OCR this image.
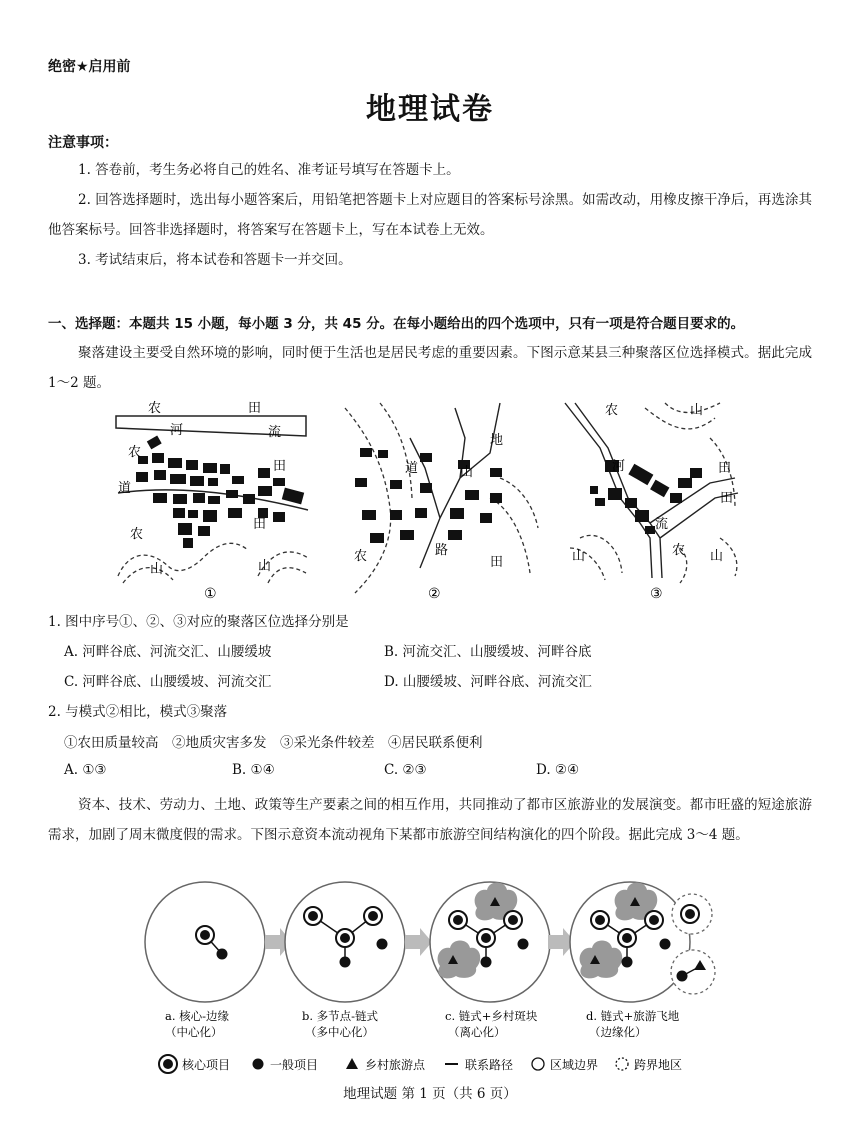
绝密★启用前
地理试卷
注意事项：
1. 答卷前，考生务必将自己的姓名、准考证号填写在答题卡上。
2. 回答选择题时，选出每小题答案后，用铅笔把答题卡上对应题目的答案标号涂黑。如需改动，用橡皮擦干净后，再选涂其他答案标号。回答非选择题时，将答案写在答题卡上，写在本试卷上无效。
3. 考试结束后，将本试卷和答题卡一并交回。
一、选择题：本题共 15 小题，每小题 3 分，共 45 分。在每小题给出的四个选项中，只有一项是符合题目要求的。
聚落建设主要受自然环境的影响，同时便于生活也是居民考虑的重要因素。下图示意某县三种聚落区位选择模式。据此完成 1～2 题。
农	田
河	流
农
道
田
田
农
山	山
①
地
道	山
农	路
田
②
农	山
河	田
田
流
山	农 山
③
1. 图中序号①、②、③对应的聚落区位选择分别是
A. 河畔谷底、河流交汇、山腰缓坡	B. 河流交汇、山腰缓坡、河畔谷底
C. 河畔谷底、山腰缓坡、河流交汇	D. 山腰缓坡、河畔谷底、河流交汇
2. 与模式②相比，模式③聚落
①农田质量较高　②地质灾害多发　③采光条件较差　④居民联系便利
A. ①③	B. ①④	C. ②③	D. ②④
资本、技术、劳动力、土地、政策等生产要素之间的相互作用，共同推动了都市区旅游业的发展演变。都市旺盛的短途旅游需求，加剧了周末微度假的需求。下图示意资本流动视角下某都市旅游空间结构演化的四个阶段。据此完成 3～4 题。
a. 核心-边缘
（中心化）
b. 多节点-链式
（多中心化）
c. 链式+乡村斑块
（离心化）
d. 链式+旅游飞地
（边缘化）
核心项目	一般项目	乡村旅游点	联系路径	区域边界	跨界地区
地理试题 第 1 页（共 6 页）
